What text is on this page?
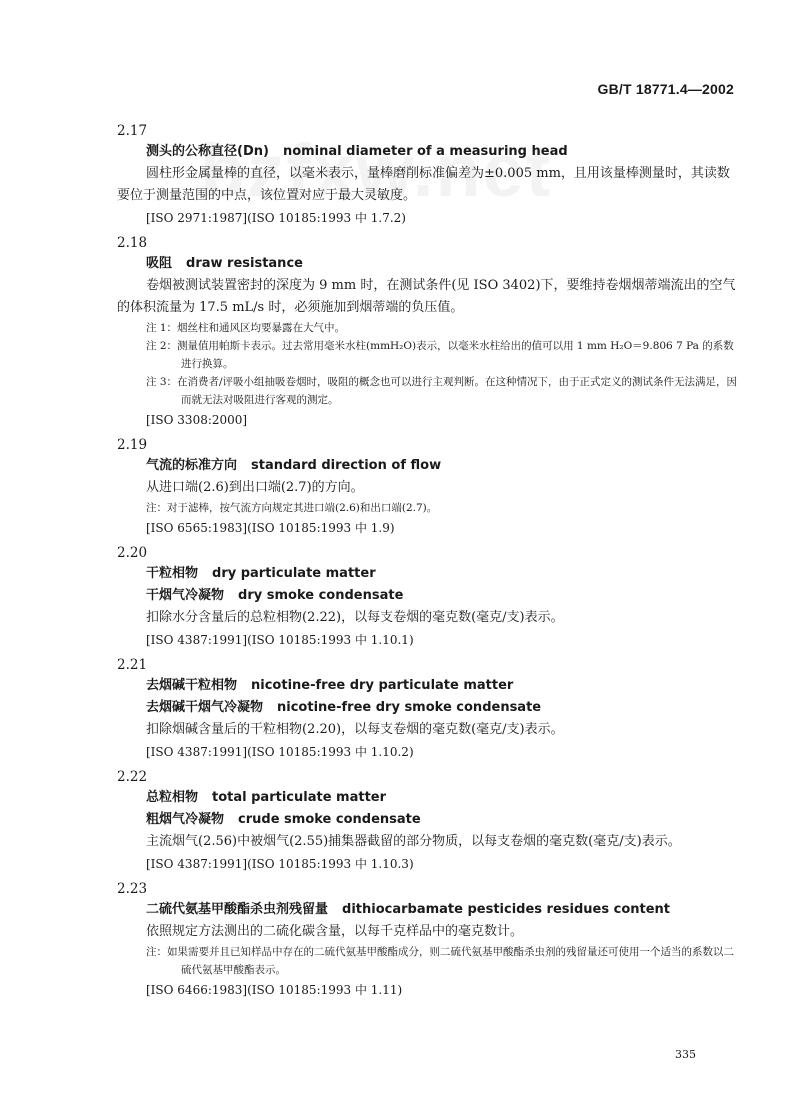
GB/T 18771.4—2002
2.17
测头的公称直径(Dn) nominal diameter of a measuring head
圆柱形金属量棒的直径，以毫米表示，量棒磨削标准偏差为±0.005 mm，且用该量棒测量时，其读数要位于测量范围的中点，该位置对应于最大灵敏度。
[ISO 2971:1987](ISO 10185:1993 中 1.7.2)
2.18
吸阻 draw resistance
卷烟被测试装置密封的深度为 9 mm 时，在测试条件(见 ISO 3402)下，要维持卷烟烟蒂端流出的空气的体积流量为 17.5 mL/s 时，必须施加到烟蒂端的负压值。
注 1：烟丝柱和通风区均要暴露在大气中。
注 2：测量值用帕斯卡表示。过去常用毫米水柱(mmH₂O)表示，以毫米水柱给出的值可以用 1 mm H₂O＝9.806 7 Pa 的系数进行换算。
注 3：在消费者/评吸小组抽吸卷烟时，吸阻的概念也可以进行主观判断。在这种情况下，由于正式定义的测试条件无法满足，因而就无法对吸阻进行客观的测定。
[ISO 3308:2000]
2.19
气流的标准方向 standard direction of flow
从进口端(2.6)到出口端(2.7)的方向。
注：对于滤棒，按气流方向规定其进口端(2.6)和出口端(2.7)。
[ISO 6565:1983](ISO 10185:1993 中 1.9)
2.20
干粒相物 dry particulate matter
干烟气冷凝物 dry smoke condensate
扣除水分含量后的总粒相物(2.22)，以每支卷烟的毫克数(毫克/支)表示。
[ISO 4387:1991](ISO 10185:1993 中 1.10.1)
2.21
去烟碱干粒相物 nicotine-free dry particulate matter
去烟碱干烟气冷凝物 nicotine-free dry smoke condensate
扣除烟碱含量后的干粒相物(2.20)，以每支卷烟的毫克数(毫克/支)表示。
[ISO 4387:1991](ISO 10185:1993 中 1.10.2)
2.22
总粒相物 total particulate matter
粗烟气冷凝物 crude smoke condensate
主流烟气(2.56)中被烟气(2.55)捕集器截留的部分物质，以每支卷烟的毫克数(毫克/支)表示。
[ISO 4387:1991](ISO 10185:1993 中 1.10.3)
2.23
二硫代氨基甲酸酯杀虫剂残留量 dithiocarbamate pesticides residues content
依照规定方法测出的二硫化碳含量，以每千克样品中的毫克数计。
注：如果需要并且已知样品中存在的二硫代氨基甲酸酯成分，则二硫代氨基甲酸酯杀虫剂的残留量还可使用一个适当的系数以二硫代氨基甲酸酯表示。
[ISO 6466:1983](ISO 10185:1993 中 1.11)
335
